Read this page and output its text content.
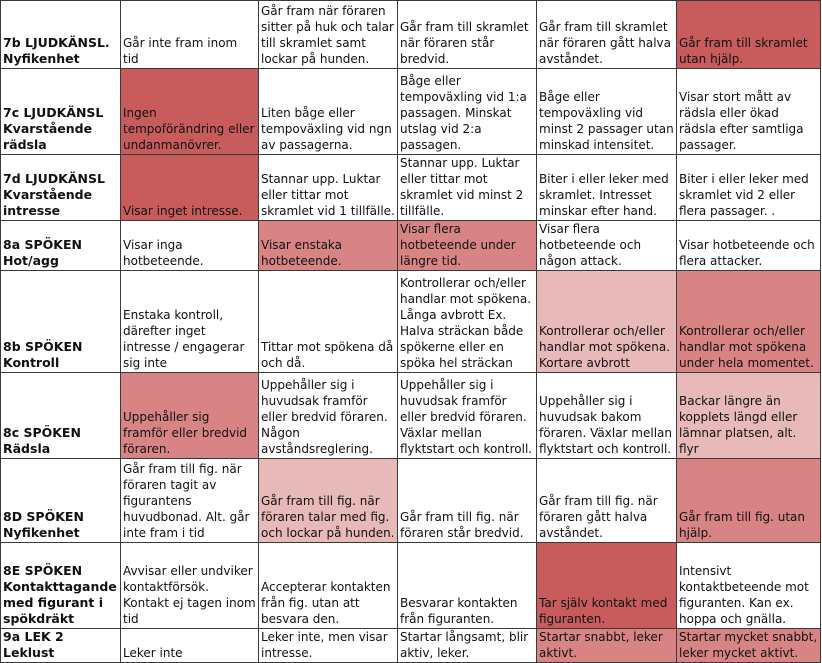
7b LJUDKÄNSL. Nyfikenhet	Går inte fram inom tid	Går fram när föraren sitter på huk och talar till skramlet samt lockar på hunden.	Går fram till skramlet när föraren står bredvid.	Går fram till skramlet när föraren gått halva avståndet.	Går fram till skramlet utan hjälp.
7c LJUDKÄNSL Kvarstående rädsla	Ingen tempoförändring eller undanmanövrer.	Liten båge eller tempoväxling vid ngn av passagerna.	Båge eller tempoväxling vid 1:a passagen. Minskat utslag vid 2:a passagen.	Båge eller tempoväxling vid minst 2 passager utan minskad intensitet.	Visar stort mått av rädsla eller ökad rädsla efter samtliga passager.
7d LJUDKÄNSL Kvarstående intresse	Visar inget intresse.	Stannar upp. Luktar eller tittar mot skramlet vid 1 tillfälle.	Stannar upp. Luktar eller tittar mot skramlet vid minst 2 tillfälle.	Biter i eller leker med skramlet. Intresset minskar efter hand.	Biter i eller leker med skramlet vid 2 eller flera passager. .
8a SPÖKEN Hot/agg	Visar inga hotbeteende.	Visar enstaka hotbeteende.	Visar flera hotbeteende under längre tid.	Visar flera hotbeteende och någon attack.	Visar hotbeteende och flera attacker.
8b SPÖKEN Kontroll	Enstaka kontroll, därefter inget intresse / engagerar sig inte	Tittar mot spökena då och då.	Kontrollerar och/eller handlar mot spökena. Långa avbrott Ex. Halva sträckan både spökerne eller en spöka hel sträckan	Kontrollerar och/eller handlar mot spökena. Kortare avbrott	Kontrollerar och/eller handlar mot spökena under hela momentet.
8c SPÖKEN Rädsla	Uppehåller sig framför eller bredvid föraren.	Uppehåller sig i huvudsak framför eller bredvid föraren. Någon avståndsreglering.	Uppehåller sig i huvudsak framför eller bredvid föraren. Växlar mellan flyktstart och kontroll.	Uppehåller sig i huvudsak bakom föraren. Växlar mellan flyktstart och kontroll.	Backar längre än kopplets längd eller lämnar platsen, alt. flyr
8D SPÖKEN Nyfikenhet	Går fram till fig. när föraren tagit av figurantens huvudbonad. Alt. går inte fram i tid	Går fram till fig. när föraren talar med fig. och lockar på hunden.	Går fram till fig. när föraren står bredvid.	Går fram till fig. när föraren gått halva avståndet.	Går fram till fig. utan hjälp.
8E SPÖKEN Kontakttagande med figurant i spökdräkt	Avvisar eller undviker kontaktförsök. Kontakt ej tagen inom tid	Accepterar kontakten från fig. utan att besvara den.	Besvarar kontakten från figuranten.	Tar själv kontakt med figuranten.	Intensivt kontaktbeteende mot figuranten. Kan ex. hoppa och gnälla.
9a LEK 2 Leklust	Leker inte	Leker inte, men visar intresse.	Startar långsamt, blir aktiv, leker.	Startar snabbt, leker aktivt.	Startar mycket snabbt, leker mycket aktivt.
